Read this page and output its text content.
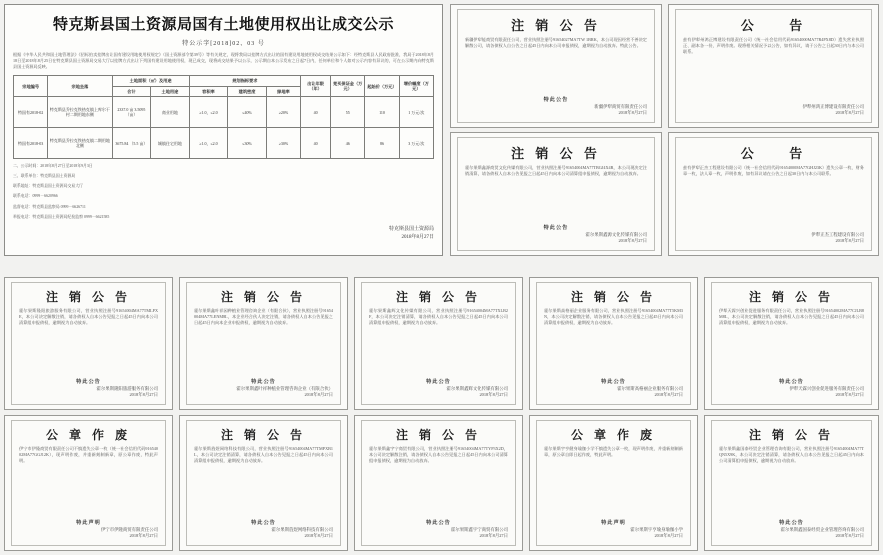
特克斯县国土资源局国有土地使用权出让成交公示
特公示字[2018]02、03 号
根据《中华人民共和国土地管理法》《招标拍卖挂牌出让国有建设用地使用权规定》（国土资源部令第39号）等有关规定，现将我局以挂牌方式出让的国有建设用地使用权成交结果公示如下：经特克斯县人民政府批准，我局于2018年8月18日至2018年8月25日在特克斯县国土资源局交易大厅以挂牌方式出让下列国有建设用地使用权，现已成交，现将成交结果予以公示，公示期自本公示发布之日起7日内，任何单位和个人如对公示内容有异议的，可在公示期内向特克斯县国土资源局反映。
宗地编号	宗地坐落	土地面积（㎡）及用途		规划指标要求			出让年限（年）	竞买保证金（万元）	起始价（万元）	增价幅度（万元）
		合计	土地用途	容积率	建筑密度	绿地率				
特国有2018-02	特克斯县乔拉克铁热克镇上库尔干村二期用地东侧	2337.0 亩 3.5095（亩）	商业用地	≥1.0，≤2.0	≤40%	≥20%	40	55	110	1 万元/次
特国有2018-03	特克斯县乔拉克铁热克镇二期用地北侧	3675.84 （5.5 亩）	城镇住宅用地	≥1.0，≤2.0	≤30%	≥30%	40	46	86	3 万元/次
二、公示时间：2018年8月27日至2018年9月3日
三、联系单位：特克斯县国土资源局
联系地址：特克斯县国土资源局交易大厅
联系电话：0999－6620966
监督电话：特克斯县监察局 0999－6626711
举报电话：特克斯县国土资源局纪检监察 0999－6621585
特克斯县国土资源局
2018年8月27日
注 销 公 告
新疆伊犁能商贸有限责任公司，营业执照注册号91654027MA7TW 1BRK，本公司现因经营不善决定解散公司，请各债权人自公告之日起45日内向本公司申报债权，逾期视为自动放弃。特此公告。
特此公告
新疆伊犁商贸有限责任公司
2018年8月27日
公 　 告
兹有伊犁州鸿正博建设有限责任公司（统一社会信用代码91654000MA77R4PX8D）遗失营业执照正、副本各一份，声明作废。现将相关情况予以公告，如有异议，请于公告之日起30日内与本公司联系。
伊犁州鸿正博建设有限责任公司
2018年8月27日
注 销 公 告
霍尔果斯鑫源商贸文化传媒有限公司，营业执照注册号91654004MA77TBGJ4X4R，本公司现决定注销清算，请各债权人自本公告见报之日起45日内向本公司清算组申报债权，逾期视为自动放弃。
特此公告
霍尔果斯鑫源文化传媒有限公司
2018年8月27日
公 　 告
兹有伊犁正杰工程建设有限公司（统一社会信用代码91654000MA77GHJ23K）遗失公章一枚、财务章一枚，法人章一枚，声明作废，如有异议请在公告之日起30日内与本公司联系。
伊犁正杰工程建设有限公司
2018年8月27日
注 销 公 告
霍尔果斯隆阳旅游服务有限公司，营业执照注册号91654004MA77TMLPXE，本公司决定解散注销，请各债权人自本公告见报之日起45日内向本公司清算组申报债权，逾期视为自动放弃。
特此公告
霍尔果斯隆阳旅游服务有限公司
2018年8月27日
注 销 公 告
霍尔果斯鑫叶祥园种植业管理咨询企业（有限合伙），营业执照注册号91654004MA77LENM8L，本企业经合伙人决定注销，请各债权人自本公告见报之日起45日内向本企业申报债权，逾期视为自动放弃。
特此公告
霍尔果斯鑫叶祥种植业管理咨询企业（有限合伙）
2018年8月27日
注 销 公 告
霍尔果斯鑫辉文化传媒有限公司，营业执照注册号91654004MA77TXLB2F，本公司决定注销清算，请各债权人自本公告见报之日起45日内向本公司清算组申报债权，逾期视为自动放弃。
特此公告
霍尔果斯鑫辉文化传媒有限公司
2018年8月27日
注 销 公 告
霍尔果斯高格丽企业服务有限公司，营业执照注册号91654004MA77T5KM3N，本公司决定解散注销，请各债权人自本公告见报之日起45日内向本公司清算组申报债权，逾期视为自动放弃。
特此公告
霍尔果斯高格丽企业服务有限公司
2018年8月27日
注 销 公 告
伊犁天霖兴创业促进服务有限责任公司，营业执照注册号91654002MA77CJLB8M8L，本公司决定解散注销，请各债权人自本公告见报之日起45日内向本公司清算组申报债权，逾期视为自动放弃。
特此公告
伊犁天霖兴创业促进服务有限责任公司
2018年8月27日
公 章 作 废
伊宁市伊隆商贸有限责任公司不慎遗失公章一枚（统一社会信用代码91654002MA77GGJ12K），现声明作废，并重新刻制新章，原公章作废，特此声明。
特此声明
伊宁市伊隆商贸有限责任公司
2018年8月27日
注 销 公 告
霍尔果斯旌煜网络科技有限公司，营业执照注册号91654004MA77TMPXB1L，本公司决定注销清算，请各债权人自本公告见报之日起45日内向本公司清算组申报债权，逾期视为自动放弃。
特此公告
霍尔果斯旌煜网络科技有限公司
2018年8月27日
注 销 公 告
霍尔果斯鑫宇宁商贸有限公司，营业执照注册号91654004MA77TYP3X2D，本公司决定解散注销，请各债权人自本公告见报之日起45日内向本公司清算组申报债权，逾期视为自动放弃。
特此公告
霍尔果斯鑫宇宁商贸有限公司
2018年8月27日
公 章 作 废
霍尔果斯宇亨健身瑜伽小学不慎遗失公章一枚，现声明作废，并重新刻制新章，原公章自即日起作废，特此声明。
特此声明
霍尔果斯宇亨瑜身瑜伽小学
2018年8月27日
注 销 公 告
霍尔果斯鑫国泰经贸企业管理咨询有限公司，营业执照注册号91654004MA77TQN5X9K，本公司决定注销清算，请各债权人自本公告见报之日起45日内向本公司清算组申报债权，逾期视为自动放弃。
特此公告
霍尔果斯鑫国泰经贸企业管理咨询有限公司
2018年8月27日
